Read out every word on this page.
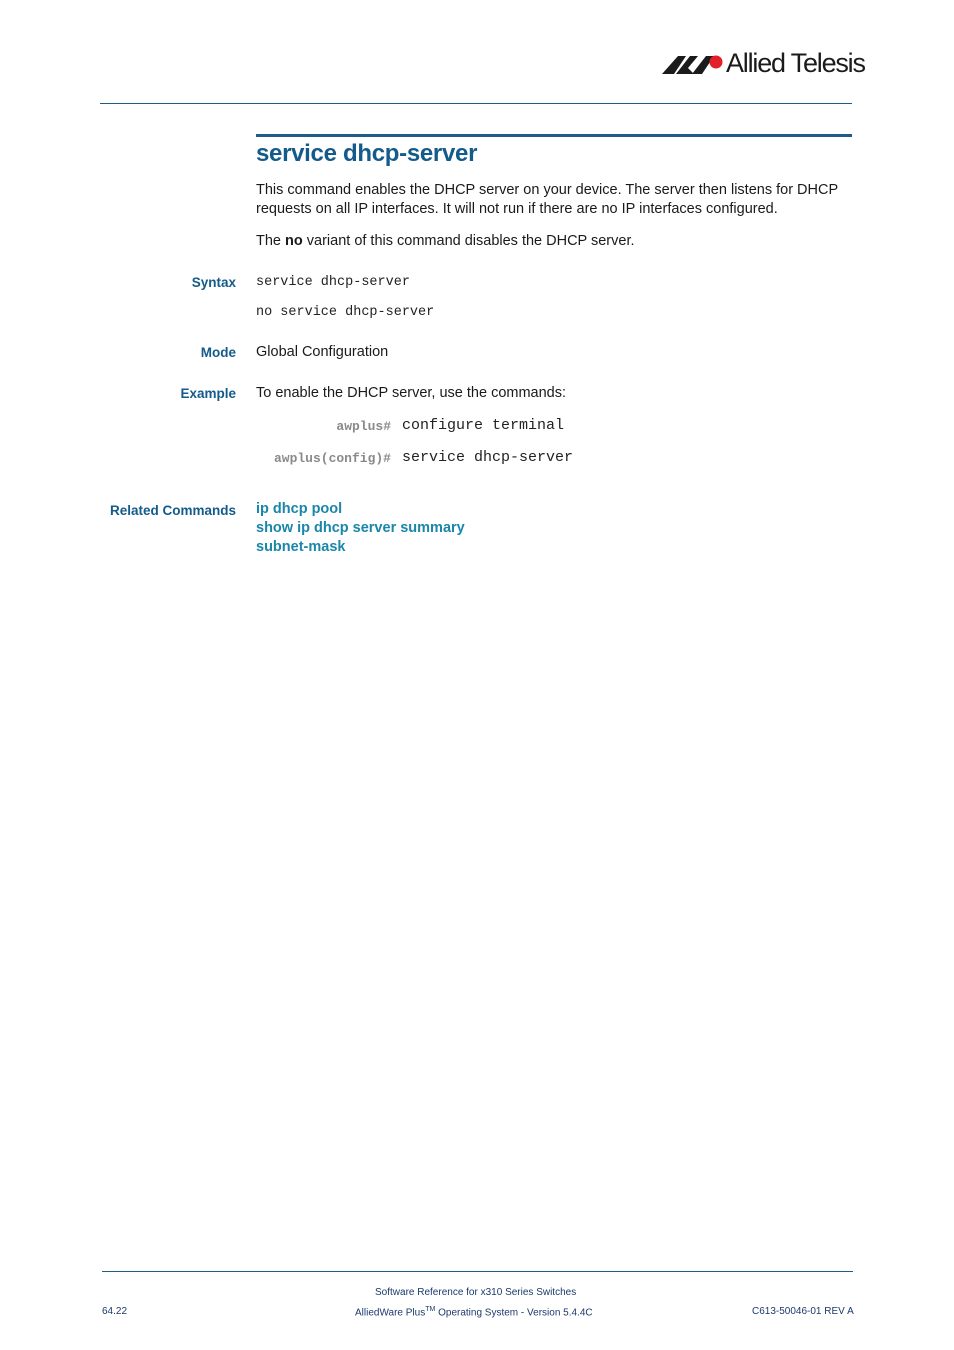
Allied Telesis
service dhcp-server
This command enables the DHCP server on your device. The server then listens for DHCP requests on all IP interfaces. It will not run if there are no IP interfaces configured.
The no variant of this command disables the DHCP server.
Syntax service dhcp-server
no service dhcp-server
Mode Global Configuration
Example To enable the DHCP server, use the commands:
awplus# configure terminal
awplus(config)# service dhcp-server
Related Commands ip dhcp pool
show ip dhcp server summary
subnet-mask
Software Reference for x310 Series Switches
64.22	AlliedWare Plus™ Operating System - Version 5.4.4C	C613-50046-01 REV A
